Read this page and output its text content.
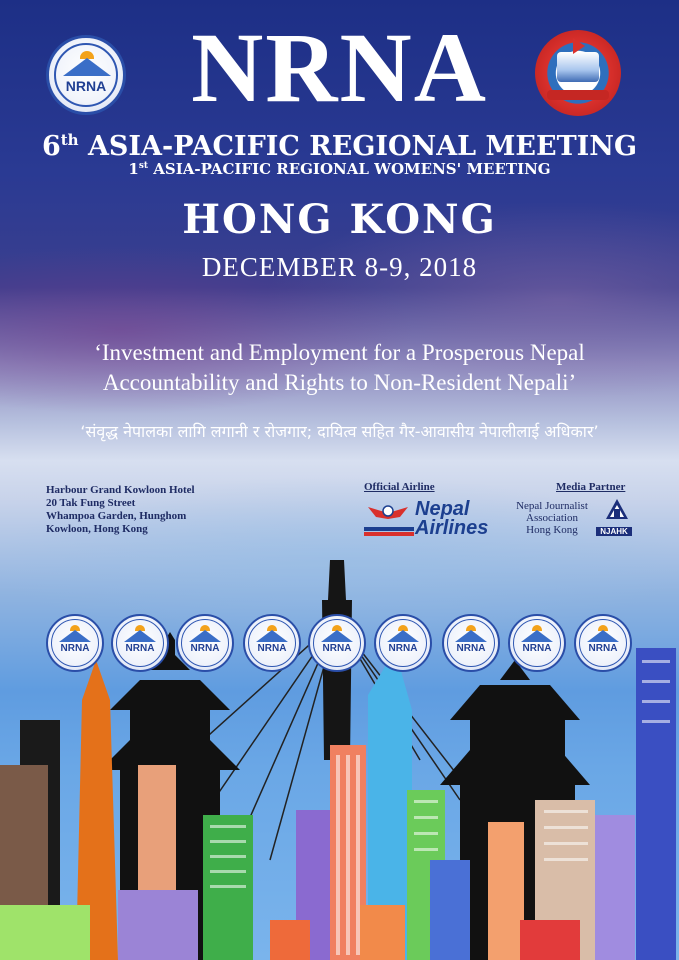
NRNA NRNA
6th ASIA-PACIFIC REGIONAL MEETING
1st ASIA-PACIFIC REGIONAL WOMENS' MEETING
HONG KONG
DECEMBER 8-9, 2018
‘Investment and Employment for a Prosperous Nepal
Accountability and Rights to Non-Resident Nepali’
‘संवृद्ध नेपालका लागि लगानी र रोजगार; दायित्व सहित गैर-आवासीय नेपालीलाई अधिकार’
Harbour Grand Kowloon Hotel
20 Tak Fung Street
Whampoa Garden, Hunghom
Kowloon, Hong Kong
Official Airline
Nepal
Airlines
Media Partner
Nepal Journalist
Association
Hong Kong	NJAHK
NRNA	NRNA	NRNA	NRNA	NRNA	NRNA	NRNA	NRNA	NRNA
